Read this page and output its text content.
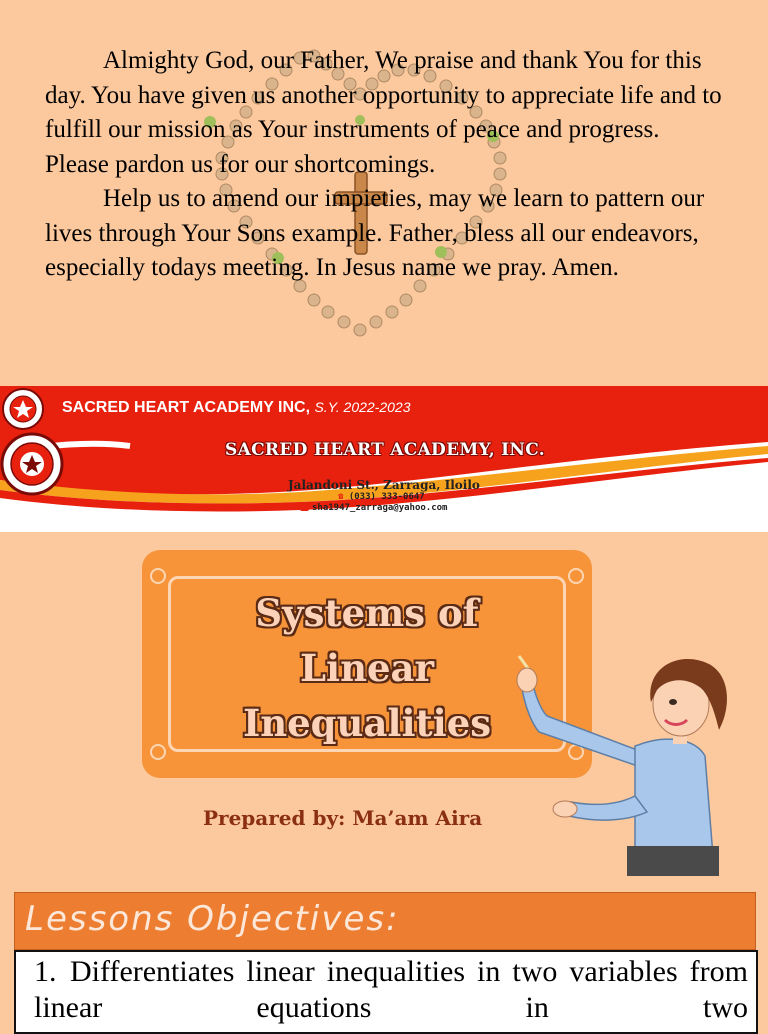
Almighty God, our Father, We praise and thank You for this day. You have given us another opportunity to appreciate life and to fulfill our mission as Your instruments of peace and progress. Please pardon us for our shortcomings.

Help us to amend our impieties, may we learn to pattern our lives through Your Sons example. Father, bless all our endeavors, especially todays meeting. In Jesus name we pray. Amen.

SACRED HEART ACADEMY INC, S.Y. 2022-2023
SACRED HEART ACADEMY, INC.
PAASCU ACCREDITED
Jalandoni St., Zarraga, Iloilo
☎ (033) 333-0647
sha1947_zarraga@yahoo.com
Systems of
Linear
Inequalities
Prepared by: Ma’am Aira
Lessons Objectives:

1. Differentiates linear inequalities in two variables from linear equations in two
